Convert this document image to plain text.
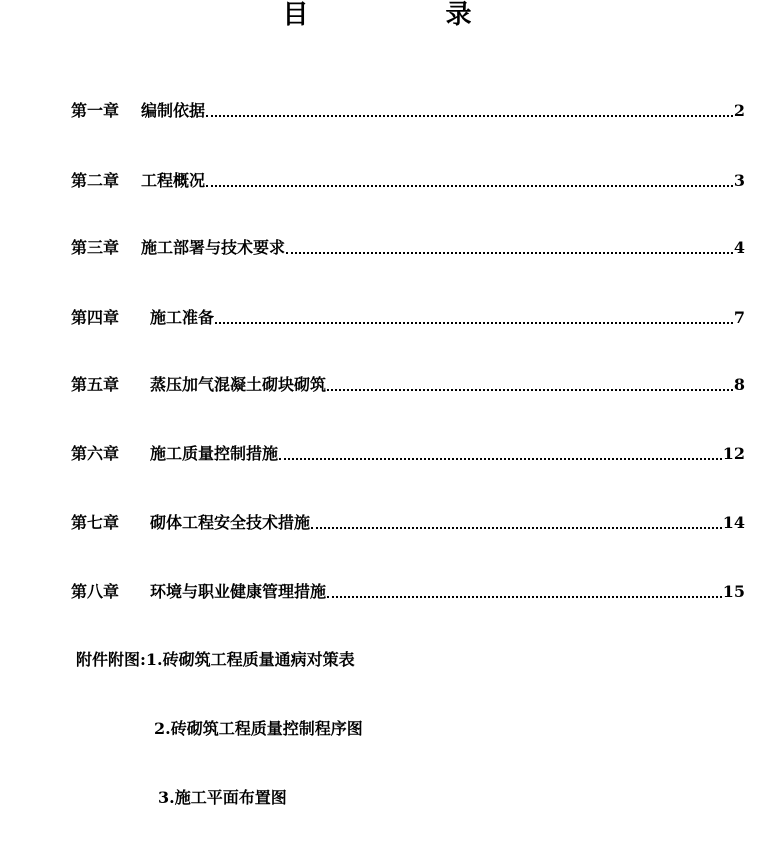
目 录
第一章	编制依据	2
第二章	工程概况	3
第三章	施工部署与技术要求	4
第四章	施工准备	7
第五章	蒸压加气混凝土砌块砌筑	8
第六章	施工质量控制措施	12
第七章	砌体工程安全技术措施	14
第八章	环境与职业健康管理措施	15
附件附图:1.砖砌筑工程质量通病对策表
2.砖砌筑工程质量控制程序图
3.施工平面布置图
